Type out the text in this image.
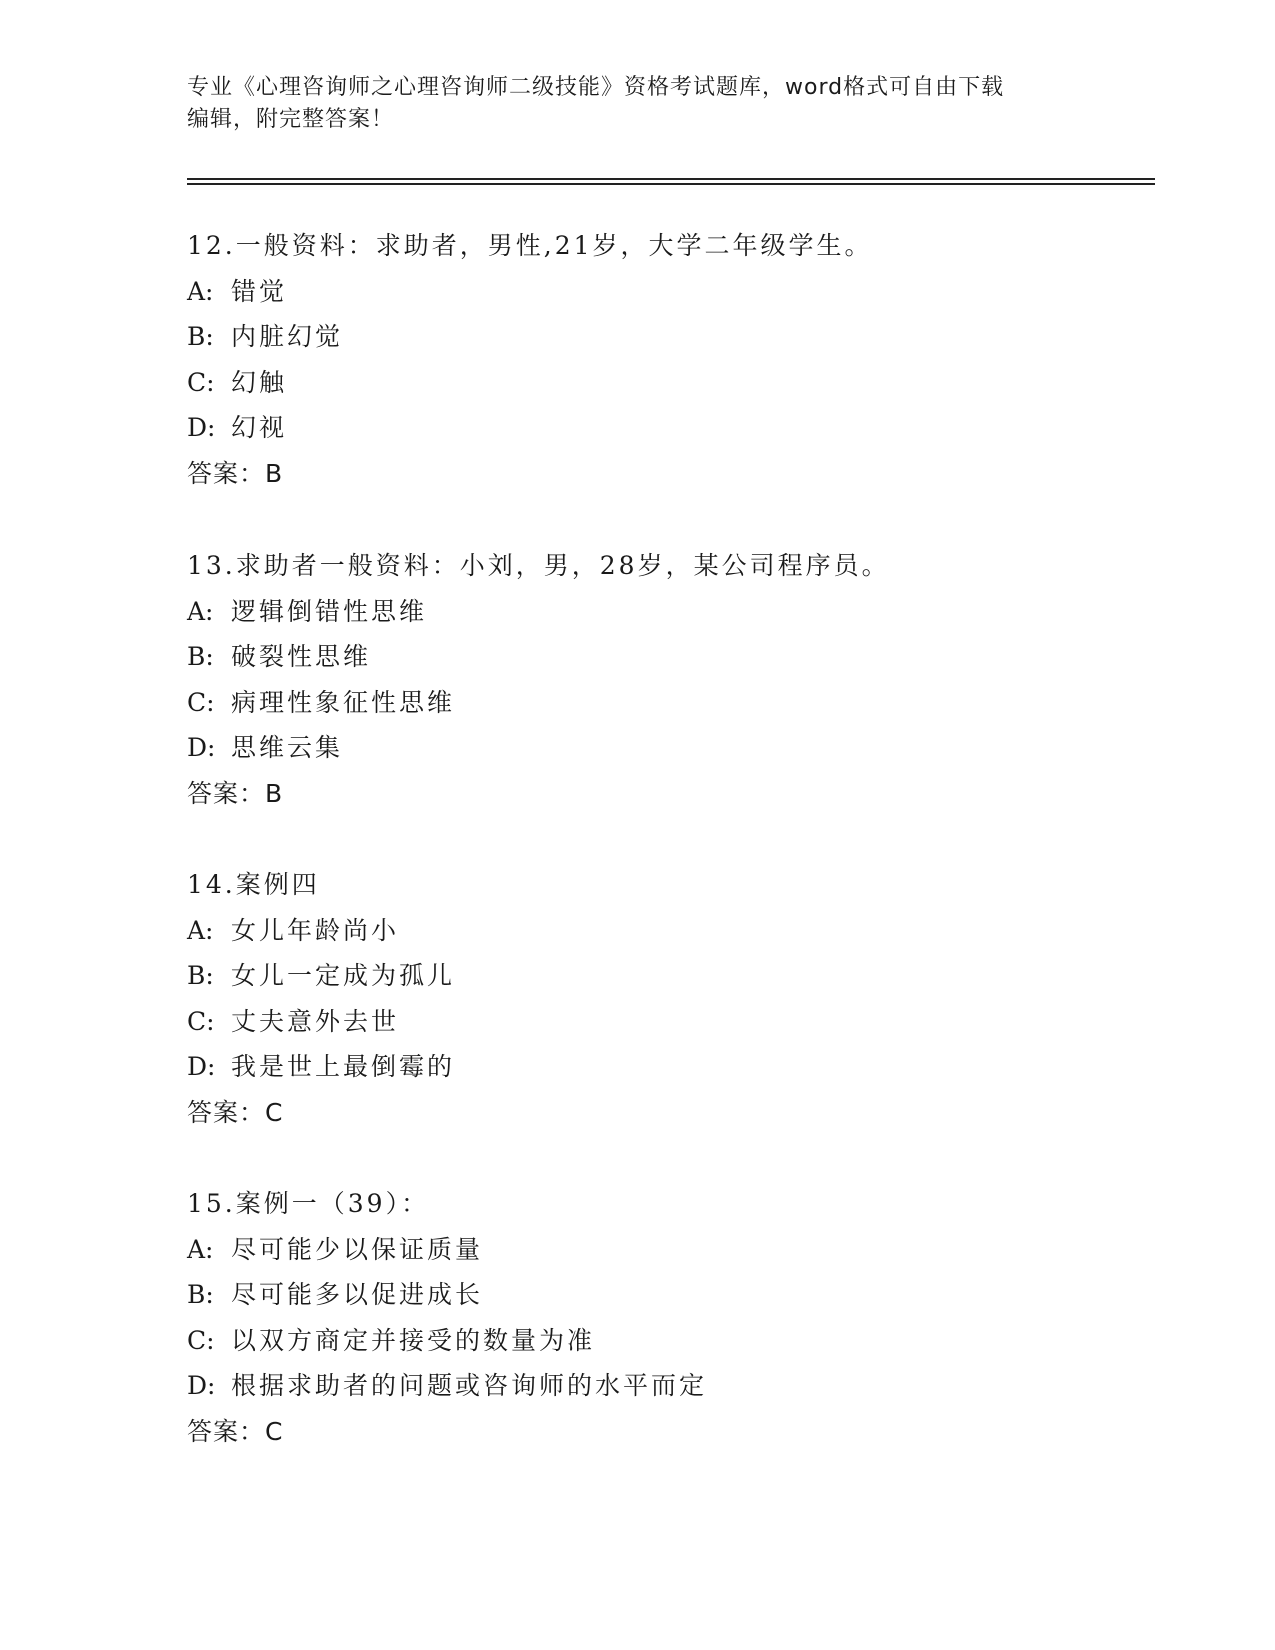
专业《心理咨询师之心理咨询师二级技能》资格考试题库，word格式可自由下载
编辑，附完整答案！
12.一般资料：求助者，男性,21岁，大学二年级学生。
A: 错觉
B: 内脏幻觉
C: 幻触
D: 幻视
答案：B
13.求助者一般资料：小刘，男，28岁，某公司程序员。
A: 逻辑倒错性思维
B: 破裂性思维
C: 病理性象征性思维
D: 思维云集
答案：B
14.案例四
A: 女儿年龄尚小
B: 女儿一定成为孤儿
C: 丈夫意外去世
D: 我是世上最倒霉的
答案：C
15.案例一（39）：
A: 尽可能少以保证质量
B: 尽可能多以促进成长
C: 以双方商定并接受的数量为准
D: 根据求助者的问题或咨询师的水平而定
答案：C
